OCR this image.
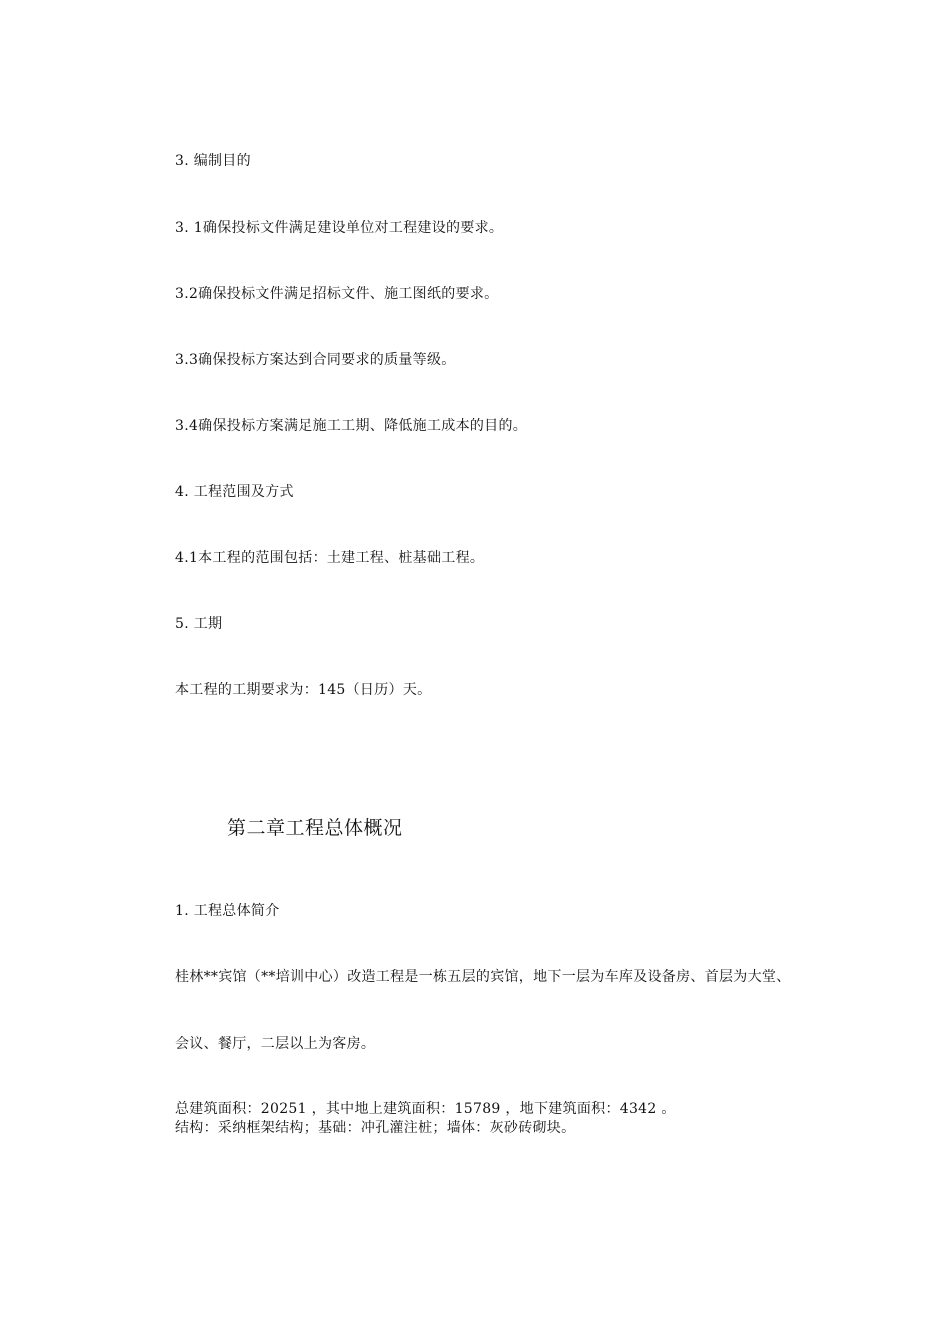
3. 编制目的
3. 1确保投标文件满足建设单位对工程建设的要求。
3.2确保投标文件满足招标文件、施工图纸的要求。
3.3确保投标方案达到合同要求的质量等级。
3.4确保投标方案满足施工工期、降低施工成本的目的。
4. 工程范围及方式
4.1本工程的范围包括：土建工程、桩基础工程。
5. 工期
本工程的工期要求为：145（日历）天。
第二章工程总体概况
1. 工程总体简介
桂林**宾馆（**培训中心）改造工程是一栋五层的宾馆，地下一层为车库及设备房、首层为大堂、
会议、餐厅，二层以上为客房。
总建筑面积：20251 ，其中地上建筑面积：15789 ，地下建筑面积：4342 。
结构：采纳框架结构；基础：冲孔灌注桩；墙体：灰砂砖砌块。
